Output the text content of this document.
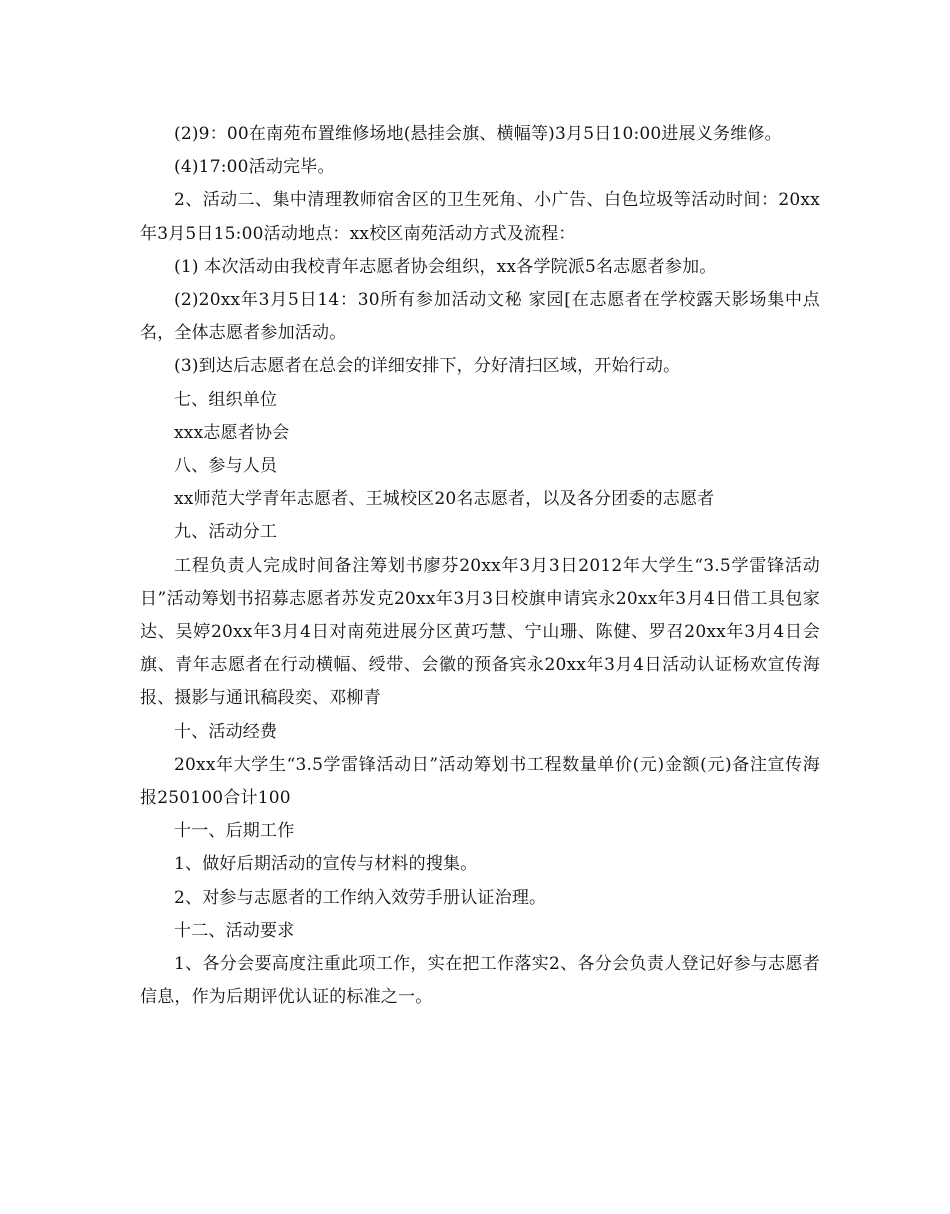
(2)9：00在南苑布置维修场地(悬挂会旗、横幅等)3月5日10:00进展义务维修。

(4)17:00活动完毕。

2、活动二、集中清理教师宿舍区的卫生死角、小广告、白色垃圾等活动时间：20xx年3月5日15:00活动地点：xx校区南苑活动方式及流程：

(1) 本次活动由我校青年志愿者协会组织，xx各学院派5名志愿者参加。

(2)20xx年3月5日14：30所有参加活动文秘 家园[在志愿者在学校露天影场集中点名，全体志愿者参加活动。

(3)到达后志愿者在总会的详细安排下，分好清扫区域，开始行动。

七、组织单位

xxx志愿者协会

八、参与人员

xx师范大学青年志愿者、王城校区20名志愿者，以及各分团委的志愿者

九、活动分工

工程负责人完成时间备注筹划书廖芬20xx年3月3日2012年大学生“3.5学雷锋活动日”活动筹划书招募志愿者苏发克20xx年3月3日校旗申请宾永20xx年3月4日借工具包家达、吴婷20xx年3月4日对南苑进展分区黄巧慧、宁山珊、陈健、罗召20xx年3月4日会旗、青年志愿者在行动横幅、绶带、会徽的预备宾永20xx年3月4日活动认证杨欢宣传海报、摄影与通讯稿段奕、邓柳青

十、活动经费

20xx年大学生“3.5学雷锋活动日”活动筹划书工程数量单价(元)金额(元)备注宣传海报250100合计100

十一、后期工作

1、做好后期活动的宣传与材料的搜集。

2、对参与志愿者的工作纳入效劳手册认证治理。

十二、活动要求

1、各分会要高度注重此项工作，实在把工作落实2、各分会负责人登记好参与志愿者信息，作为后期评优认证的标准之一。
